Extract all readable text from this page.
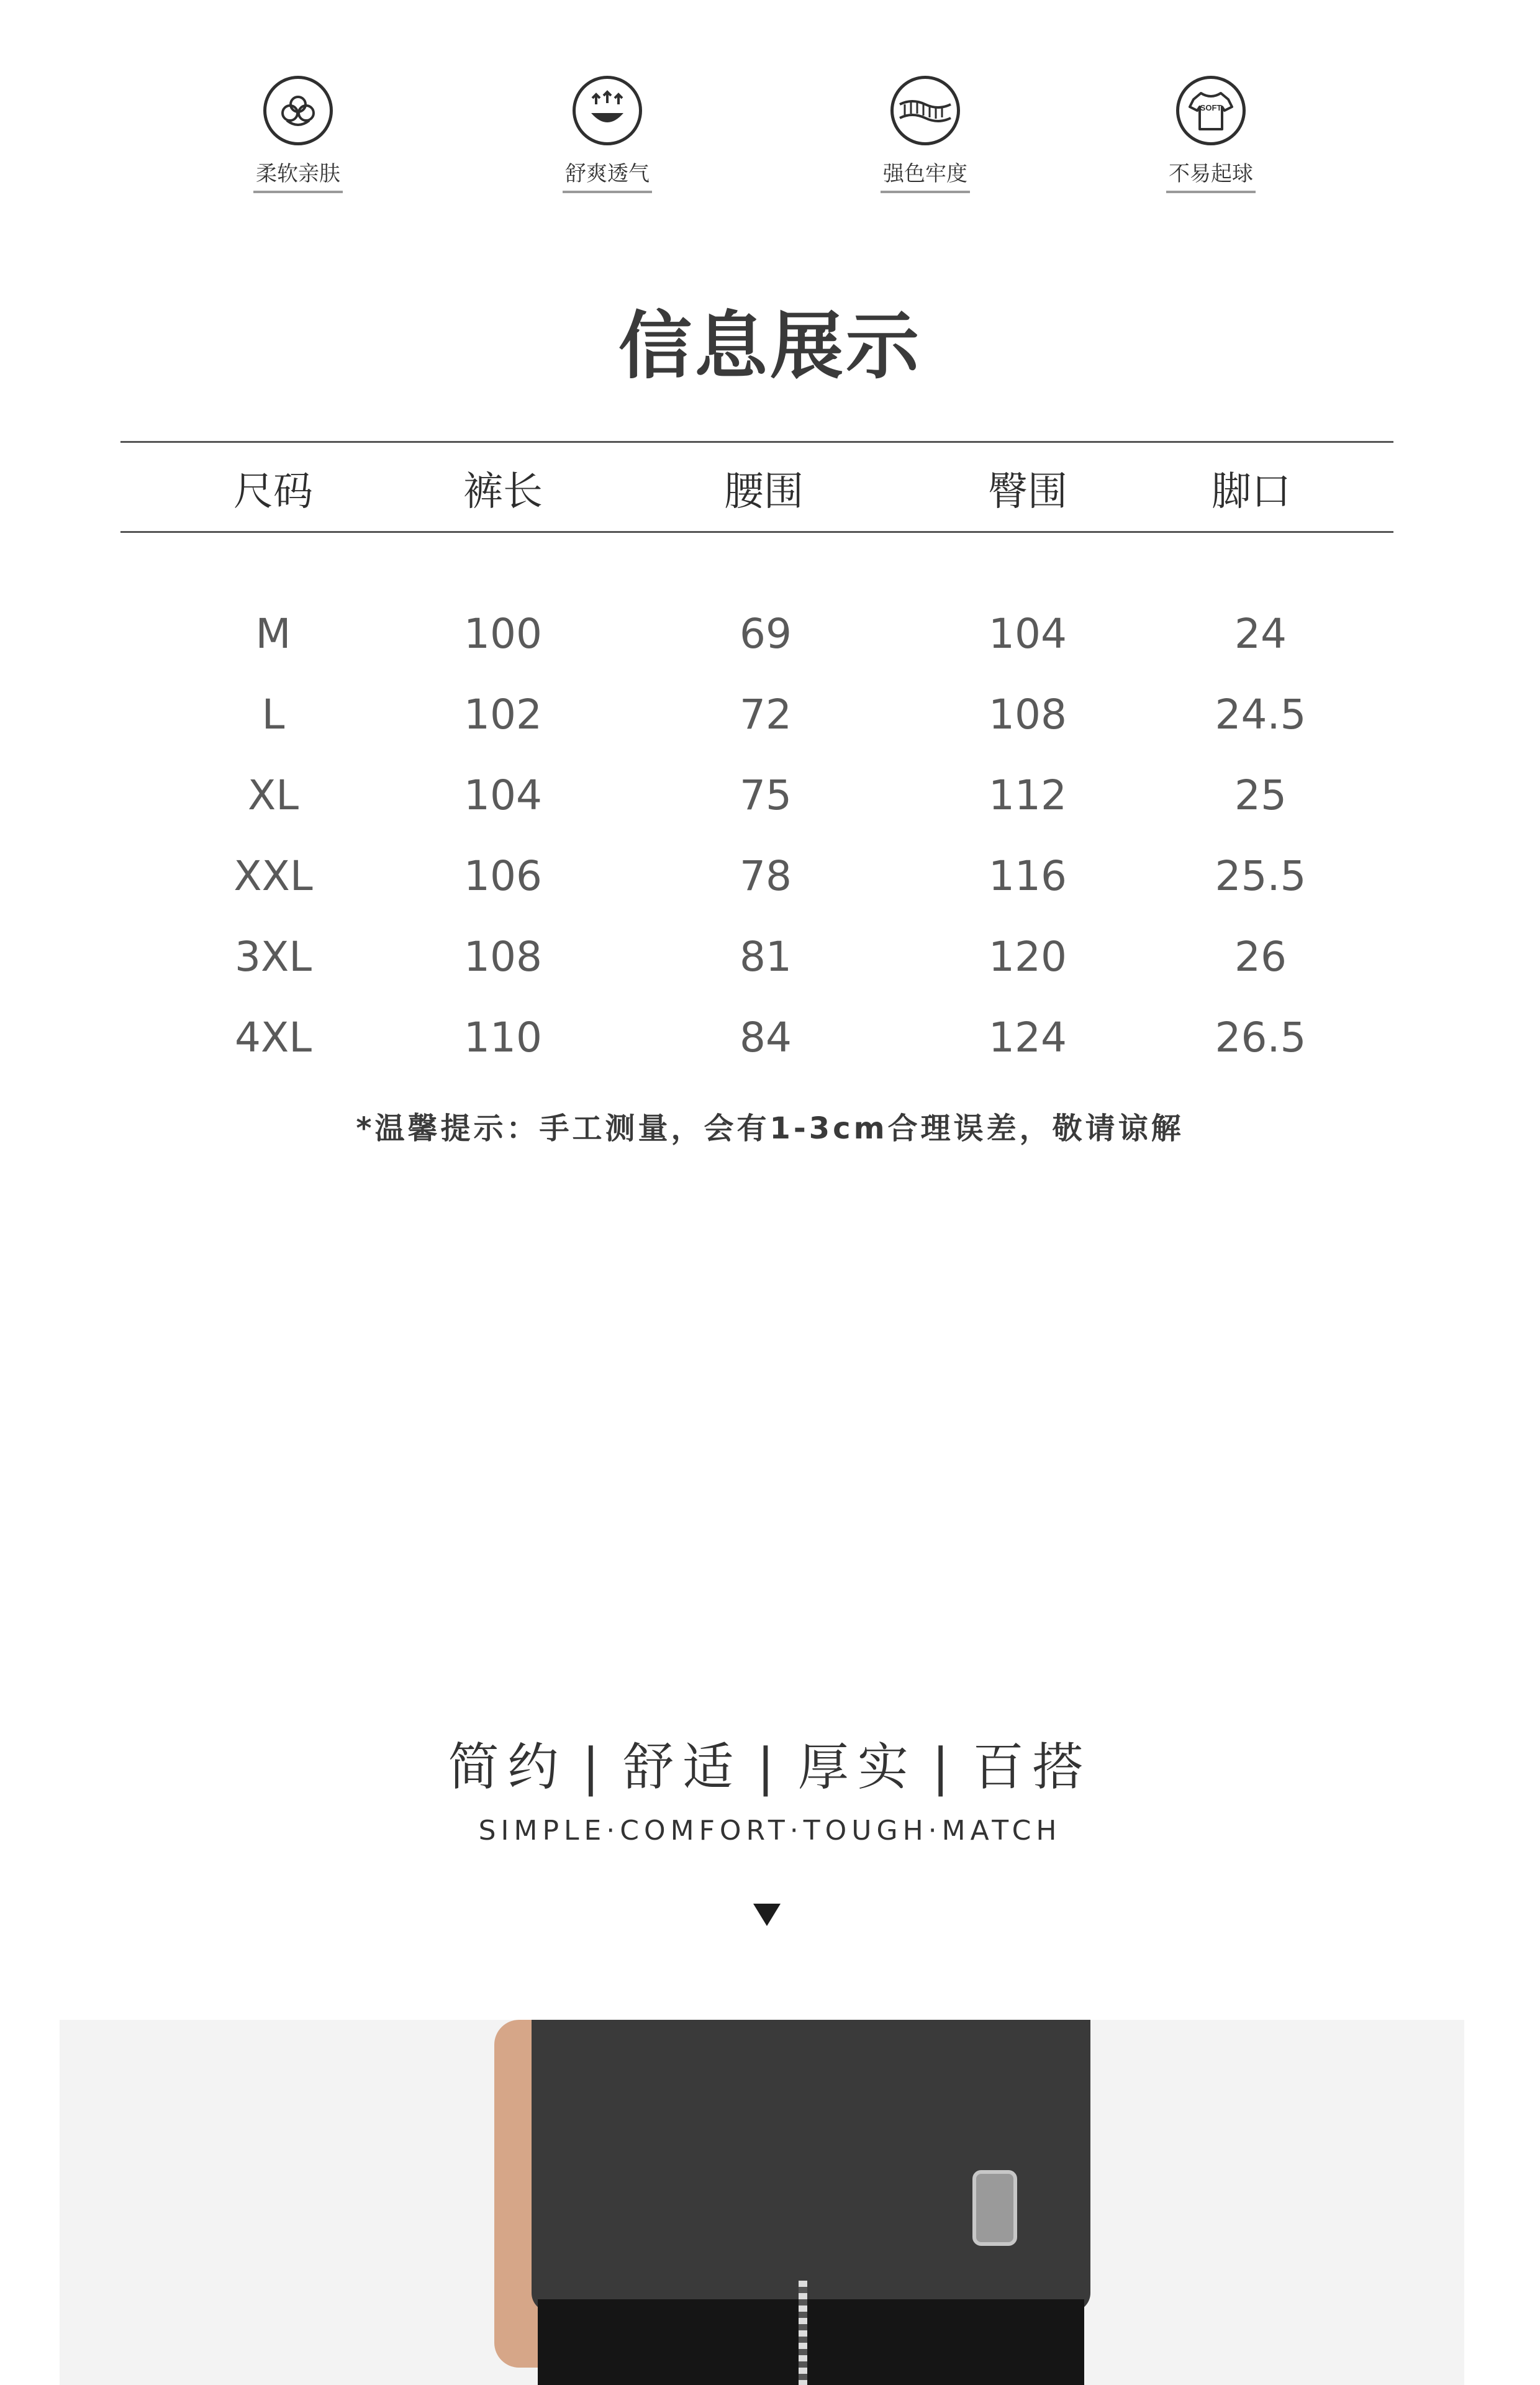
柔软亲肤	舒爽透气	强色牢度
SOFT
不易起球
信息展示
尺码	裤长	腰围	臀围	脚口
M	100	69	104	24
L	102	72	108	24.5
XL	104	75	112	25
XXL	106	78	116	25.5
3XL	108	81	120	26
4XL	110	84	124	26.5
*温馨提示：手工测量，会有1-3cm合理误差，敬请谅解
简约 | 舒适 | 厚实 | 百搭
SIMPLE·COMFORT·TOUGH·MATCH
